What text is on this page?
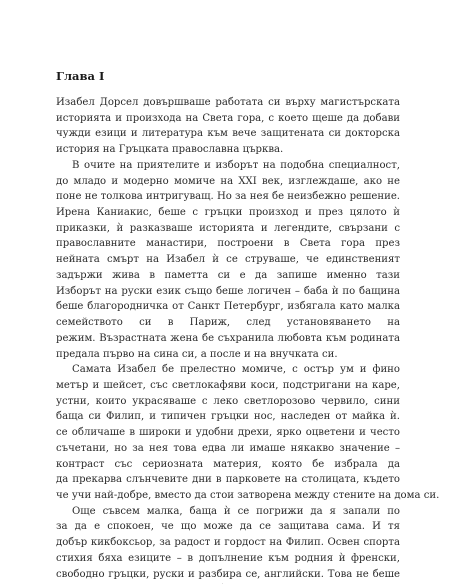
Глава I
Изабел Дорсел довършваше работата си върху магистърската
историята и произхода на Света гора, с което щеше да добави
чужди езици и литература към вече защитената си докторска
история на Гръцката православна църква.
В очите на приятелите и изборът на подобна специалност,
до младо и модерно момиче на XXI век, изглеждаше, ако не
поне не толкова интригуващ. Но за нея бе неизбежно решение.
Ирена Каниакис, беше с гръцки произход и през цялото ѝ
приказки, ѝ разказваше историята и легендите, свързани с
православните манастири, построени в Света гора през
нейната смърт на Изабел ѝ се струваше, че единственият
задържи жива в паметта си е да запише именно тази
Изборът на руски език също беше логичен – баба ѝ по бащина
беше благородничка от Санкт Петербург, избягала като малка
семейството си в Париж, след установяването на
режим. Възрастната жена бе съхранила любовта към родината
предала първо на сина си, а после и на внучката си.
Самата Изабел бе прелестно момиче, с остър ум и фино
метър и шейсет, със светлокафяви коси, подстригани на каре,
устни, които украсяваше с леко светлорозово червило, сини
баща си Филип, и типичен гръцки нос, наследен от майка ѝ.
се обличаше в широки и удобни дрехи, ярко оцветени и често
съчетани, но за нея това едва ли имаше някакво значение –
контраст със сериозната материя, която бе избрала да
да прекарва слънчевите дни в парковете на столицата, където
че учи най-добре, вместо да стои затворена между стените на дома си.
Още съвсем малка, баща ѝ се погрижи да я запали по
за да е спокоен, че що може да се защитава сама. И тя
добър кикбоксьор, за радост и гордост на Филип. Освен спорта
стихия бяха езиците – в допълнение към родния ѝ френски,
свободно гръцки, руски и разбира се, английски. Това не беше
